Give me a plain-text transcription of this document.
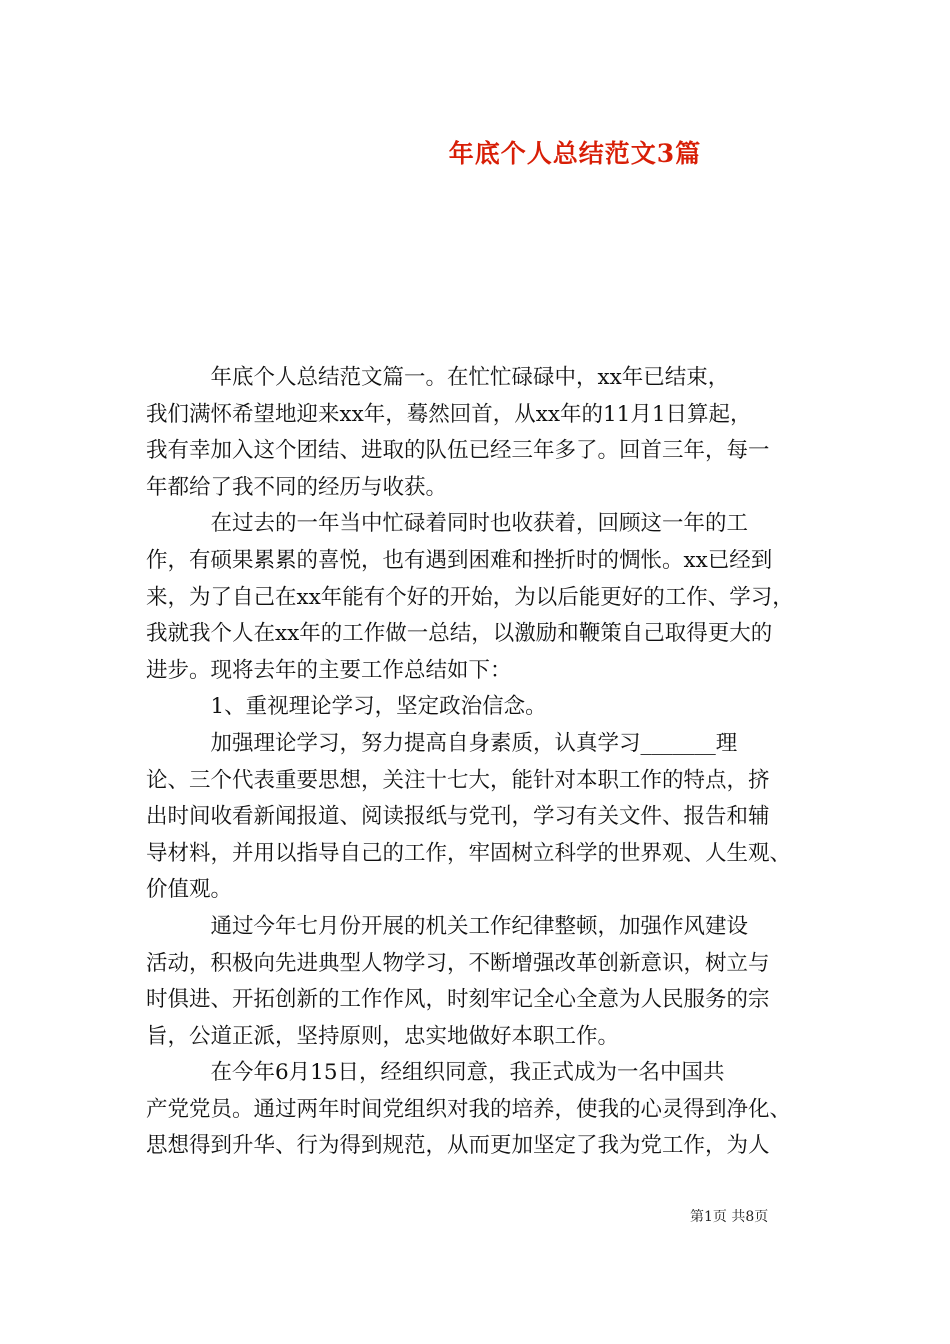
年底个人总结范文3篇

　　　年底个人总结范文篇一。在忙忙碌碌中，xx年已结束，

我们满怀希望地迎来xx年，蓦然回首，从xx年的11月1日算起，

我有幸加入这个团结、进取的队伍已经三年多了。回首三年，每一

年都给了我不同的经历与收获。

　　　在过去的一年当中忙碌着同时也收获着，回顾这一年的工

作，有硕果累累的喜悦，也有遇到困难和挫折时的惆怅。xx已经到

来，为了自己在xx年能有个好的开始，为以后能更好的工作、学习，

我就我个人在xx年的工作做一总结，以激励和鞭策自己取得更大的

进步。现将去年的主要工作总结如下：

　　　1、重视理论学习，坚定政治信念。

　　　加强理论学习，努力提高自身素质，认真学习_______理

论、三个代表重要思想，关注十七大，能针对本职工作的特点，挤

出时间收看新闻报道、阅读报纸与党刊，学习有关文件、报告和辅

导材料，并用以指导自己的工作，牢固树立科学的世界观、人生观、

价值观。

　　　通过今年七月份开展的机关工作纪律整顿，加强作风建设

活动，积极向先进典型人物学习，不断增强改革创新意识，树立与

时俱进、开拓创新的工作作风，时刻牢记全心全意为人民服务的宗

旨，公道正派，坚持原则，忠实地做好本职工作。

　　　在今年6月15日，经组织同意，我正式成为一名中国共

产党党员。通过两年时间党组织对我的培养，使我的心灵得到净化、

思想得到升华、行为得到规范，从而更加坚定了我为党工作，为人

第1页 共8页
